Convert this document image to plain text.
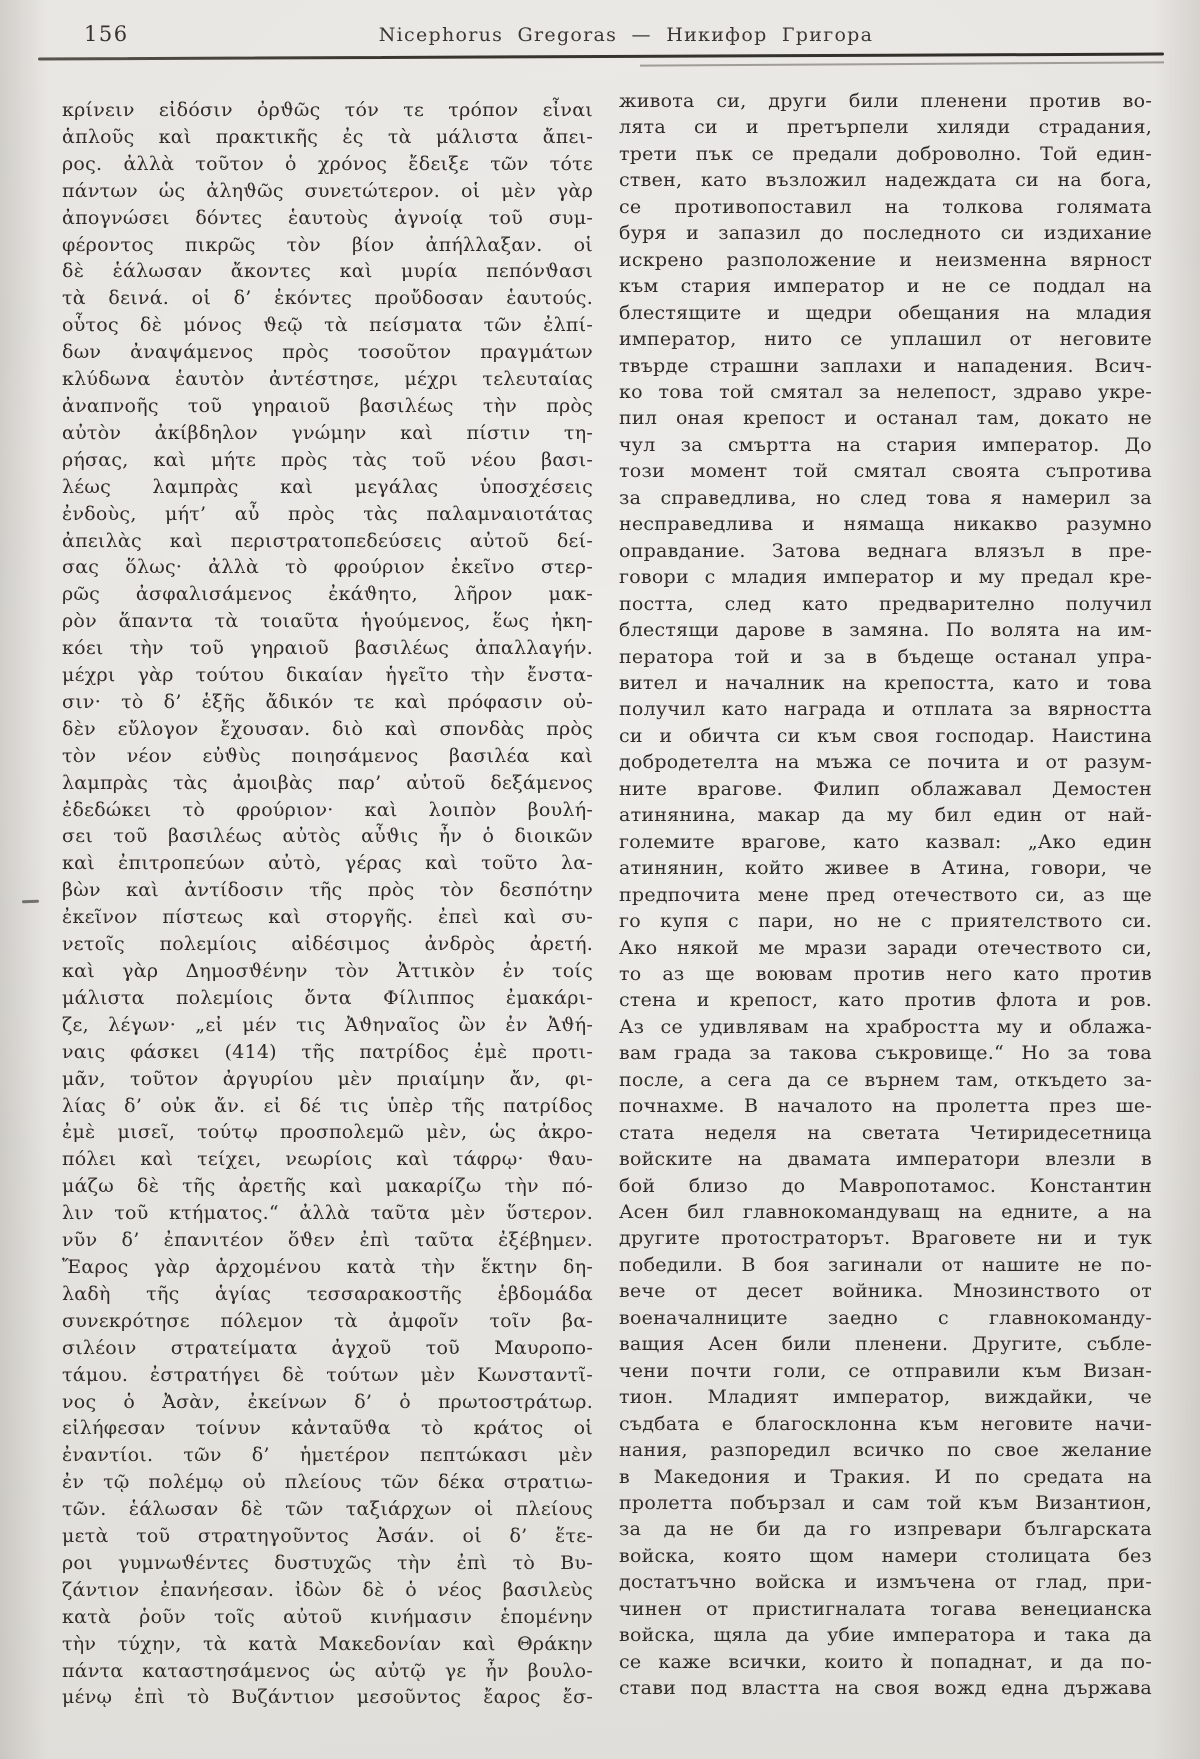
156	Nicephorus Gregoras — Никифор Григора
κρίνειν εἰδόσιν ὀρϑῶς τόν τε τρόπον εἶναι
ἁπλοῦς καὶ πρακτικῆς ἐς τὰ μάλιστα ἄπει-
ρος. ἀλλὰ τοῦτον ὁ χρόνος ἔδειξε τῶν τότε
πάντων ὡς ἀληϑῶς συνετώτερον. οἱ μὲν γὰρ
ἀπογνώσει δόντες ἑαυτοὺς ἀγνοίᾳ τοῦ συμ-
φέροντος πικρῶς τὸν βίον ἀπήλλαξαν. οἱ
δὲ ἑάλωσαν ἄκοντες καὶ μυρία πεπόνϑασι
τὰ δεινά. οἱ δ’ ἑκόντες προὔδοσαν ἑαυτούς.
οὗτος δὲ μόνος ϑεῷ τὰ πείσματα τῶν ἐλπί-
δων ἀναψάμενος πρὸς τοσοῦτον πραγμάτων
κλύδωνα ἑαυτὸν ἀντέστησε, μέχρι τελευταίας
ἀναπνοῆς τοῦ γηραιοῦ βασιλέως τὴν πρὸς
αὐτὸν ἀκίβδηλον γνώμην καὶ πίστιν τη-
ρήσας, καὶ μήτε πρὸς τὰς τοῦ νέου βασι-
λέως λαμπρὰς καὶ μεγάλας ὑποσχέσεις
ἐνδοὺς, μήτ’ αὖ πρὸς τὰς παλαμναιοτάτας
ἀπειλὰς καὶ περιστρατοπεδεύσεις αὐτοῦ δεί-
σας ὅλως· ἀλλὰ τὸ φρούριον ἐκεῖνο στερ-
ρῶς ἀσφαλισάμενος ἐκάϑητο, λῆρον μακ-
ρὸν ἅπαντα τὰ τοιαῦτα ἡγούμενος, ἕως ἠκη-
κόει τὴν τοῦ γηραιοῦ βασιλέως ἀπαλλαγήν.
μέχρι γὰρ τούτου δικαίαν ἡγεῖτο τὴν ἔνστα-
σιν· τὸ δ’ ἑξῆς ἄδικόν τε καὶ πρόφασιν οὐ-
δὲν εὔλογον ἔχουσαν. διὸ καὶ σπονδὰς πρὸς
τὸν νέον εὐϑὺς ποιησάμενος βασιλέα καὶ
λαμπρὰς τὰς ἀμοιβὰς παρ’ αὐτοῦ δεξάμενος
ἐδεδώκει τὸ φρούριον· καὶ λοιπὸν βουλή-
σει τοῦ βασιλέως αὐτὸς αὖϑις ἦν ὁ διοικῶν
καὶ ἐπιτροπεύων αὐτὸ, γέρας καὶ τοῦτο λα-
βὼν καὶ ἀντίδοσιν τῆς πρὸς τὸν δεσπότην
ἐκεῖνον πίστεως καὶ στοργῆς. ἐπεὶ καὶ συ-
νετοῖς πολεμίοις αἰδέσιμος ἀνδρὸς ἀρετή.
καὶ γὰρ Δημοσϑένην τὸν Ἀττικὸν ἐν τοίς
μάλιστα πολεμίοις ὄντα Φίλιππος ἐμακάρι-
ζε, λέγων· „εἰ μέν τις Ἀϑηναῖος ὢν ἐν Ἀϑή-
ναις φάσκει (414) τῆς πατρίδος ἐμὲ προτι-
μᾶν, τοῦτον ἀργυρίου μὲν πριαίμην ἄν, φι-
λίας δ’ οὐκ ἄν. εἰ δέ τις ὑπὲρ τῆς πατρίδος
ἐμὲ μισεῖ, τούτῳ προσπολεμῶ μὲν, ὡς ἀκρο-
πόλει καὶ τείχει, νεωρίοις καὶ τάφρῳ· ϑαυ-
μάζω δὲ τῆς ἀρετῆς καὶ μακαρίζω τὴν πό-
λιν τοῦ κτήματος.“ ἀλλὰ ταῦτα μὲν ὕστερον.
νῦν δ’ ἐπανιτέον ὅϑεν ἐπὶ ταῦτα ἐξέβημεν.
Ἔαρος γὰρ ἀρχομένου κατὰ τὴν ἕκτην δη-
λαδὴ τῆς ἁγίας τεσσαρακοστῆς ἑβδομάδα
συνεκρότησε πόλεμον τὰ ἀμφοῖν τοῖν βα-
σιλέοιν στρατείματα ἀγχοῦ τοῦ Μαυροπο-
τάμου. ἐστρατήγει δὲ τούτων μὲν Κωνσταντῖ-
νος ὁ Ἀσὰν, ἐκείνων δ’ ὁ πρωτοστράτωρ.
εἰλήφεσαν τοίνυν κἀνταῦϑα τὸ κράτος οἱ
ἐναντίοι. τῶν δ’ ἡμετέρον πεπτώκασι μὲν
ἐν τῷ πολέμῳ οὐ πλείους τῶν δέκα στρατιω-
τῶν. ἑάλωσαν δὲ τῶν ταξιάρχων οἱ πλείους
μετὰ τοῦ στρατηγοῦντος Ἀσάν. οἱ δ’ ἕτε-
ροι γυμνωϑέντες δυστυχῶς τὴν ἐπὶ τὸ Βυ-
ζάντιον ἐπανήεσαν. ἰδὼν δὲ ὁ νέος βασιλεὺς
κατὰ ῥοῦν τοῖς αὐτοῦ κινήμασιν ἑπομένην
τὴν τύχην, τὰ κατὰ Μακεδονίαν καὶ Θράκην
πάντα καταστησάμενος ὡς αὐτῷ γε ἦν βουλο-
μένῳ ἐπὶ τὸ Βυζάντιον μεσοῦντος ἔαρος ἔσ-
живота си, други били пленени против во-
лята си и претърпели хиляди страдания,
трети пък се предали доброволно. Той един-
ствен, като възложил надеждата си на бога,
се противопоставил на толкова голямата
буря и запазил до последното си издихание
искрено разположение и неизменна вярност
към стария император и не се поддал на
блестящите и щедри обещания на младия
император, нито се уплашил от неговите
твърде страшни заплахи и нападения. Всич-
ко това той смятал за нелепост, здраво укре-
пил оная крепост и останал там, докато не
чул за смъртта на стария император. До
този момент той смятал своята съпротива
за справедлива, но след това я намерил за
несправедлива и нямаща никакво разумно
оправдание. Затова веднага влязъл в пре-
говори с младия император и му предал кре-
постта, след като предварително получил
блестящи дарове в замяна. По волята на им-
ператора той и за в бъдеще останал упра-
вител и началник на крепостта, като и това
получил като награда и отплата за вярността
си и обичта си към своя господар. Наистина
добродетелта на мъжа се почита и от разум-
ните врагове. Филип облажавал Демостен
атинянина, макар да му бил един от най-
големите врагове, като казвал: „Ако един
атинянин, който живее в Атина, говори, че
предпочита мене пред отечеството си, аз ще
го купя с пари, но не с приятелството си.
Ако някой ме мрази заради отечеството си,
то аз ще воювам против него като против
стена и крепост, като против флота и ров.
Аз се удивлявам на храбростта му и облажа-
вам града за такова съкровище.“ Но за това
после, а сега да се върнем там, откъдето за-
почнахме. В началото на пролетта през ше-
стата неделя на светата Четиридесетница
войските на двамата императори влезли в
бой близо до Мавропотамос. Константин
Асен бил главнокомандуващ на едните, а на
другите протостраторът. Враговете ни и тук
победили. В боя загинали от нашите не по-
вече от десет войника. Мнозинството от
военачалниците заедно с главнокоманду-
ващия Асен били пленени. Другите, събле-
чени почти голи, се отправили към Визан-
тион. Младият император, виждайки, че
съдбата е благосклонна към неговите начи-
нания, разпоредил всичко по свое желание
в Македония и Тракия. И по средата на
пролетта побързал и сам той към Византион,
за да не би да го изпревари българската
войска, която щом намери столицата без
достатъчно войска и измъчена от глад, при-
чинен от пристигналата тогава венецианска
войска, щяла да убие императора и така да
се каже всички, които ѝ попаднат, и да по-
стави под властта на своя вожд една държава
